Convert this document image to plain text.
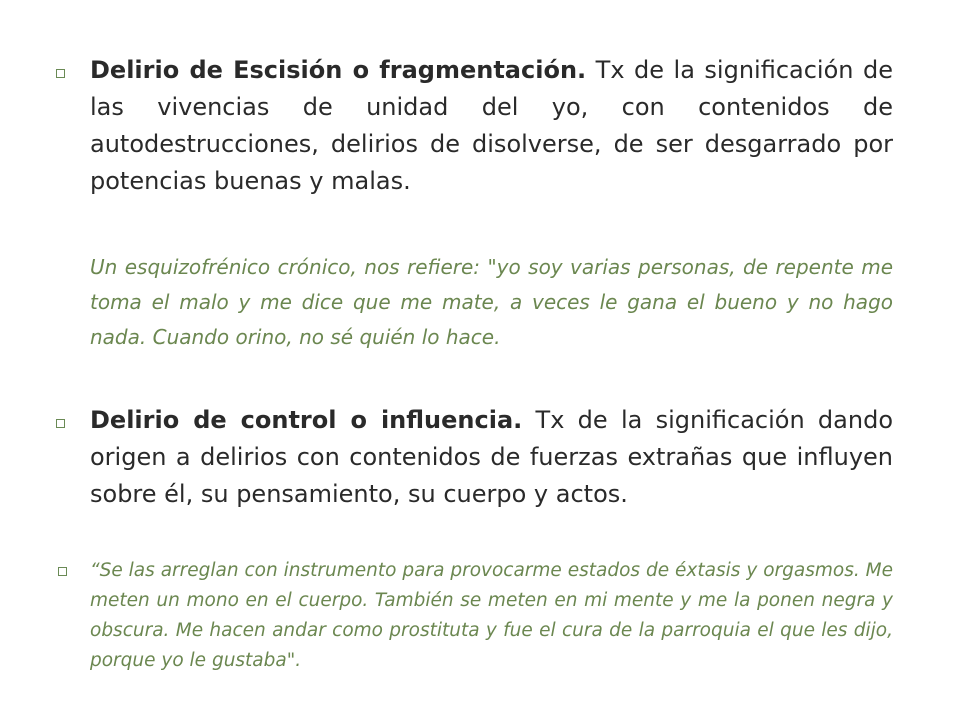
Delirio de Escisión o fragmentación. Tx de la significación de las vivencias de unidad del yo, con contenidos de autodestrucciones, delirios de disolverse, de ser desgarrado por potencias buenas y malas.

Un esquizofrénico crónico, nos refiere: "yo soy varias personas, de repente me toma el malo y me dice que me mate, a veces le gana el bueno y no hago nada. Cuando orino, no sé quién lo hace.

Delirio de control o influencia. Tx de la significación dando origen a delirios con contenidos de fuerzas extrañas que influyen sobre él, su pensamiento, su cuerpo y actos.

“Se las arreglan con instrumento para provocarme estados de éxtasis y orgasmos. Me meten un mono en el cuerpo. También se meten en mi mente y me la ponen negra y obscura. Me hacen andar como prostituta y fue el cura de la parroquia el que les dijo, porque yo le gustaba".
